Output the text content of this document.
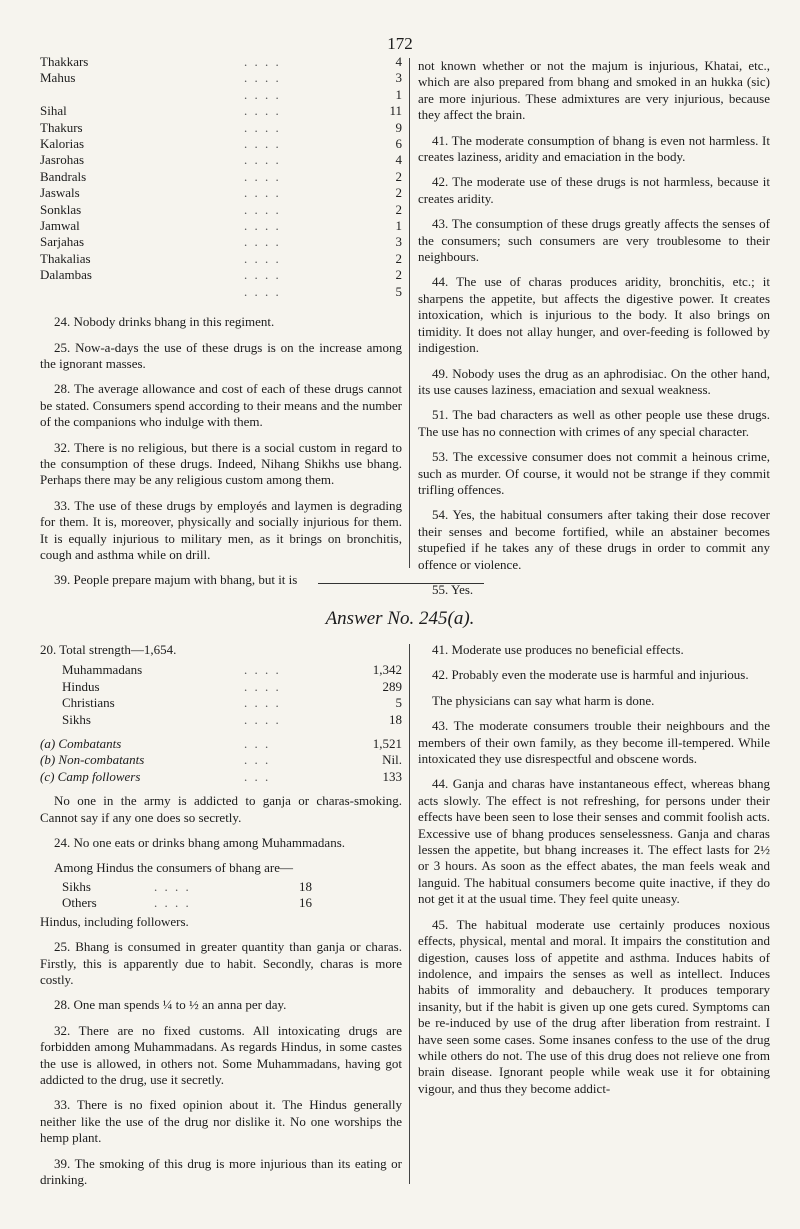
172
Thakkars	. . . .	4
Mahus	. . . .	3
. . . .	1
Sihal	. . . .	11
Thakurs	. . . .	9
Kalorias	. . . .	6
Jasrohas	. . . .	4
Bandrals	. . . .	2
Jaswals	. . . .	2
Sonklas	. . . .	2
Jamwal	. . . .	1
Sarjahas	. . . .	3
Thakalias	. . . .	2
Dalambas	. . . .	2
. . . .	5

24. Nobody drinks bhang in this regiment.

25. Now-a-days the use of these drugs is on the increase among the ignorant masses.

28. The average allowance and cost of each of these drugs cannot be stated. Consumers spend according to their means and the number of the companions who indulge with them.

32. There is no religious, but there is a social custom in regard to the consumption of these drugs. Indeed, Nihang Shikhs use bhang. Perhaps there may be any religious custom among them.

33. The use of these drugs by employés and laymen is degrading for them. It is, moreover, physically and socially injurious for them. It is equally injurious to military men, as it brings on bronchitis, cough and asthma while on drill.

39. People prepare majum with bhang, but it is

not known whether or not the majum is injurious, Khatai, etc., which are also prepared from bhang and smoked in an hukka (sic) are more injurious. These admixtures are very injurious, because they affect the brain.

41. The moderate consumption of bhang is even not harmless. It creates laziness, aridity and emaciation in the body.

42. The moderate use of these drugs is not harmless, because it creates aridity.

43. The consumption of these drugs greatly affects the senses of the consumers; such consumers are very troublesome to their neighbours.

44. The use of charas produces aridity, bronchitis, etc.; it sharpens the appetite, but affects the digestive power. It creates intoxication, which is injurious to the body. It also brings on timidity. It does not allay hunger, and over-feeding is followed by indigestion.

49. Nobody uses the drug as an aphrodisiac. On the other hand, its use causes laziness, emaciation and sexual weakness.

51. The bad characters as well as other people use these drugs. The use has no connection with crimes of any special character.

53. The excessive consumer does not commit a heinous crime, such as murder. Of course, it would not be strange if they commit trifling offences.

54. Yes, the habitual consumers after taking their dose recover their senses and become fortified, while an abstainer becomes stupefied if he takes any of these drugs in order to commit any offence or violence.

55. Yes.

Answer No. 245(a).

20. Total strength—1,654.

Muhammadans	. . . .	1,342
Hindus	. . . .	289
Christians	. . . .	5
Sikhs	. . . .	18
(a) Combatants	. . .	1,521
(b) Non-combatants	. . .	Nil.
(c) Camp followers	. . .	133

No one in the army is addicted to ganja or charas-smoking. Cannot say if any one does so secretly.

24. No one eats or drinks bhang among Muhammadans.

Among Hindus the consumers of bhang are—

Sikhs	. . . .	18
Others	. . . .	16

Hindus, including followers.

25. Bhang is consumed in greater quantity than ganja or charas. Firstly, this is apparently due to habit. Secondly, charas is more costly.

28. One man spends ¼ to ½ an anna per day.

32. There are no fixed customs. All intoxicating drugs are forbidden among Muhammadans. As regards Hindus, in some castes the use is allowed, in others not. Some Muhammadans, having got addicted to the drug, use it secretly.

33. There is no fixed opinion about it. The Hindus generally neither like the use of the drug nor dislike it. No one worships the hemp plant.

39. The smoking of this drug is more injurious than its eating or drinking.

41. Moderate use produces no beneficial effects.

42. Probably even the moderate use is harmful and injurious.

The physicians can say what harm is done.

43. The moderate consumers trouble their neighbours and the members of their own family, as they become ill-tempered. While intoxicated they use disrespectful and obscene words.

44. Ganja and charas have instantaneous effect, whereas bhang acts slowly. The effect is not refreshing, for persons under their effects have been seen to lose their senses and commit foolish acts. Excessive use of bhang produces senselessness. Ganja and charas lessen the appetite, but bhang increases it. The effect lasts for 2½ or 3 hours. As soon as the effect abates, the man feels weak and languid. The habitual consumers become quite inactive, if they do not get it at the usual time. They feel quite uneasy.

45. The habitual moderate use certainly produces noxious effects, physical, mental and moral. It impairs the constitution and digestion, causes loss of appetite and asthma. Induces habits of indolence, and impairs the senses as well as intellect. Induces habits of immorality and debauchery. It produces temporary insanity, but if the habit is given up one gets cured. Symptoms can be re-induced by use of the drug after liberation from restraint. I have seen some cases. Some insanes confess to the use of the drug while others do not. The use of this drug does not relieve one from brain disease. Ignorant people while weak use it for obtaining vigour, and thus they become addict-
